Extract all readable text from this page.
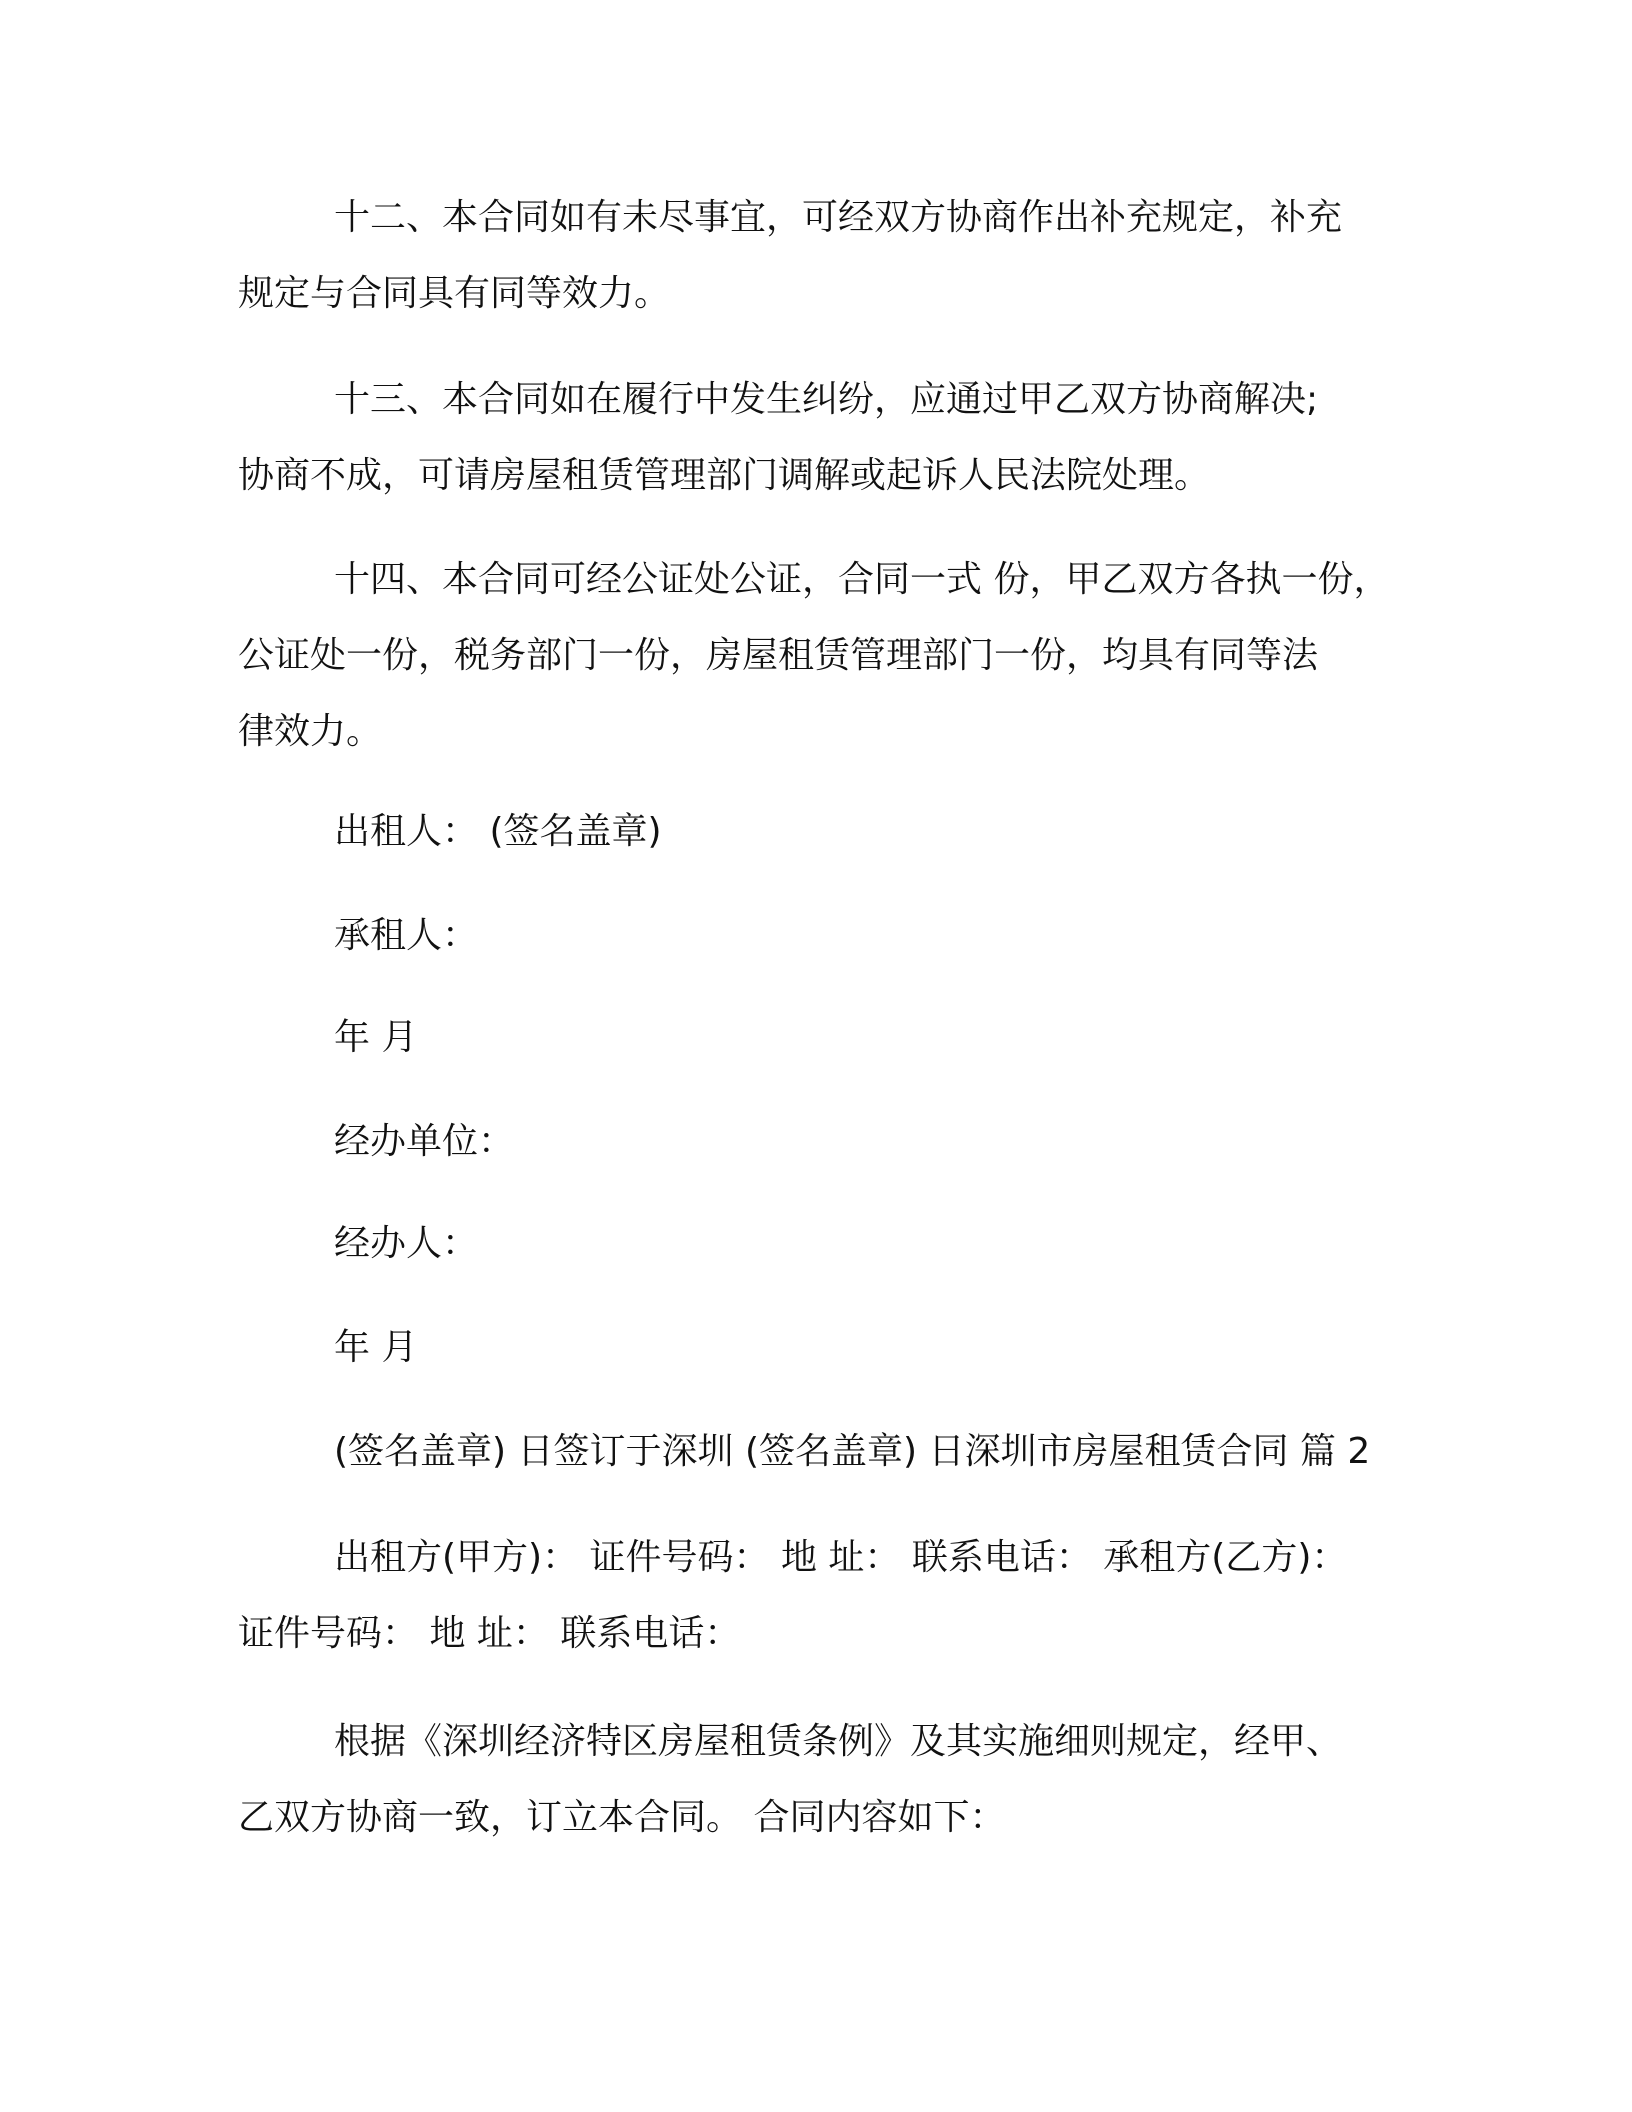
十二、本合同如有未尽事宜，可经双方协商作出补充规定，补充
规定与合同具有同等效力。
十三、本合同如在履行中发生纠纷，应通过甲乙双方协商解决;
协商不成，可请房屋租赁管理部门调解或起诉人民法院处理。
十四、本合同可经公证处公证，合同一式 份，甲乙双方各执一份，
公证处一份，税务部门一份，房屋租赁管理部门一份，均具有同等法
律效力。
出租人： (签名盖章)
承租人：
年 月
经办单位：
经办人：
年 月
(签名盖章) 日签订于深圳 (签名盖章) 日深圳市房屋租赁合同 篇 2
出租方(甲方)： 证件号码： 地 址： 联系电话： 承租方(乙方)：
证件号码： 地 址： 联系电话：
根据《深圳经济特区房屋租赁条例》及其实施细则规定，经甲、
乙双方协商一致，订立本合同。 合同内容如下：
